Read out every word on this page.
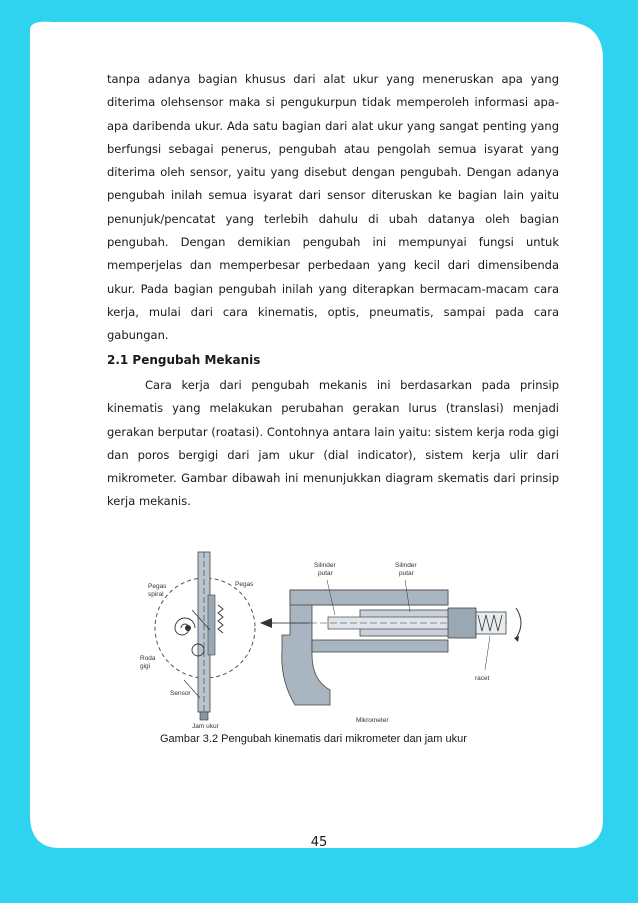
tanpa adanya bagian khusus dari alat ukur yang meneruskan apa yang diterima olehsensor maka si pengukurpun tidak memperoleh informasi apa-apa daribenda ukur. Ada satu bagian dari alat ukur yang sangat penting yang berfungsi sebagai penerus, pengubah atau pengolah semua isyarat yang diterima oleh sensor, yaitu yang disebut dengan pengubah. Dengan adanya pengubah inilah semua isyarat dari sensor diteruskan ke bagian lain yaitu penunjuk/pencatat yang terlebih dahulu di ubah datanya oleh bagian pengubah. Dengan demikian pengubah ini mempunyai fungsi untuk memperjelas dan memperbesar perbedaan yang kecil dari dimensibenda ukur. Pada bagian pengubah inilah yang diterapkan bermacam-macam cara kerja, mulai dari cara kinematis, optis, pneumatis, sampai pada cara gabungan.

2.1 Pengubah Mekanis

Cara kerja dari pengubah mekanis ini berdasarkan pada prinsip kinematis yang melakukan perubahan gerakan lurus (translasi) menjadi gerakan berputar (roatasi). Contohnya antara lain yaitu: sistem kerja roda gigi dan poros bergigi dari jam ukur (dial indicator), sistem kerja ulir dari mikrometer. Gambar dibawah ini menunjukkan diagram skematis dari prinsip kerja mekanis.

Pegas
spiral
Pegas
Roda
gigi
Sensor
Jam ukur
Silinder
putar
Silinder
putar
racet
Mikrometer

Gambar 3.2 Pengubah kinematis dari mikrometer dan jam ukur

45
